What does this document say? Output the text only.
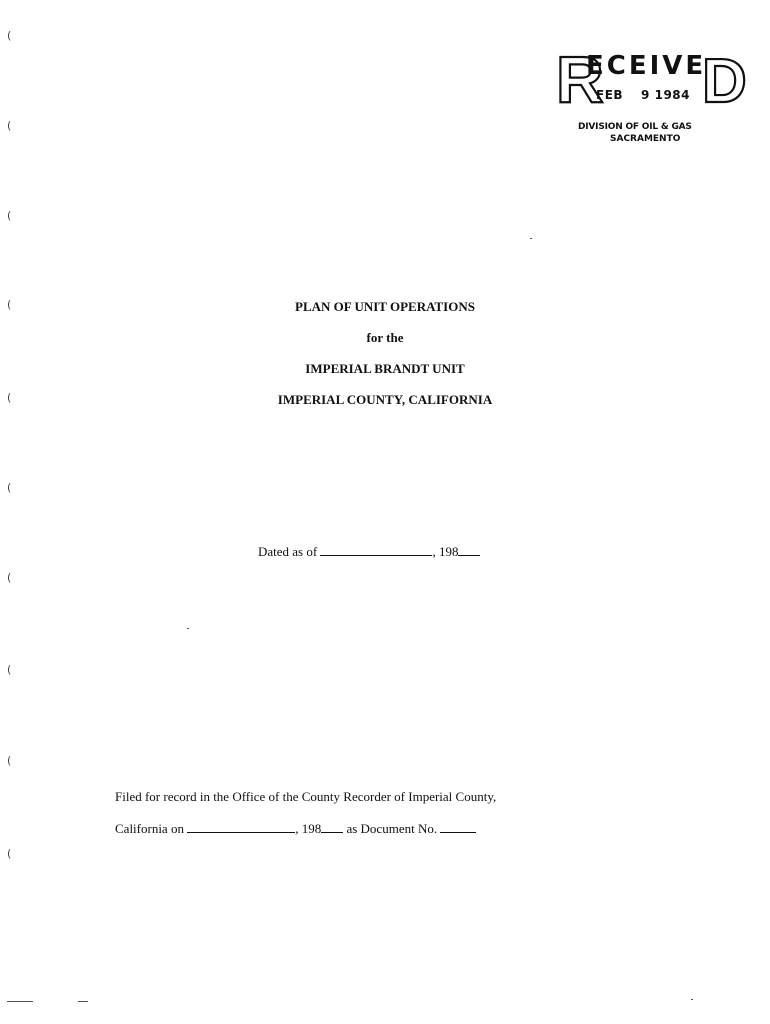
(
(
(
(
(
(
(
(
(
(
R
ECEIVE
D
FEB 9 1984
DIVISION OF OIL & GAS
SACRAMENTO
PLAN OF UNIT OPERATIONS
for the
IMPERIAL BRANDT UNIT
IMPERIAL COUNTY, CALIFORNIA
Dated as of	, 198
Filed for record in the Office of the County Recorder of Imperial County,
California on	, 198 as Document No.
